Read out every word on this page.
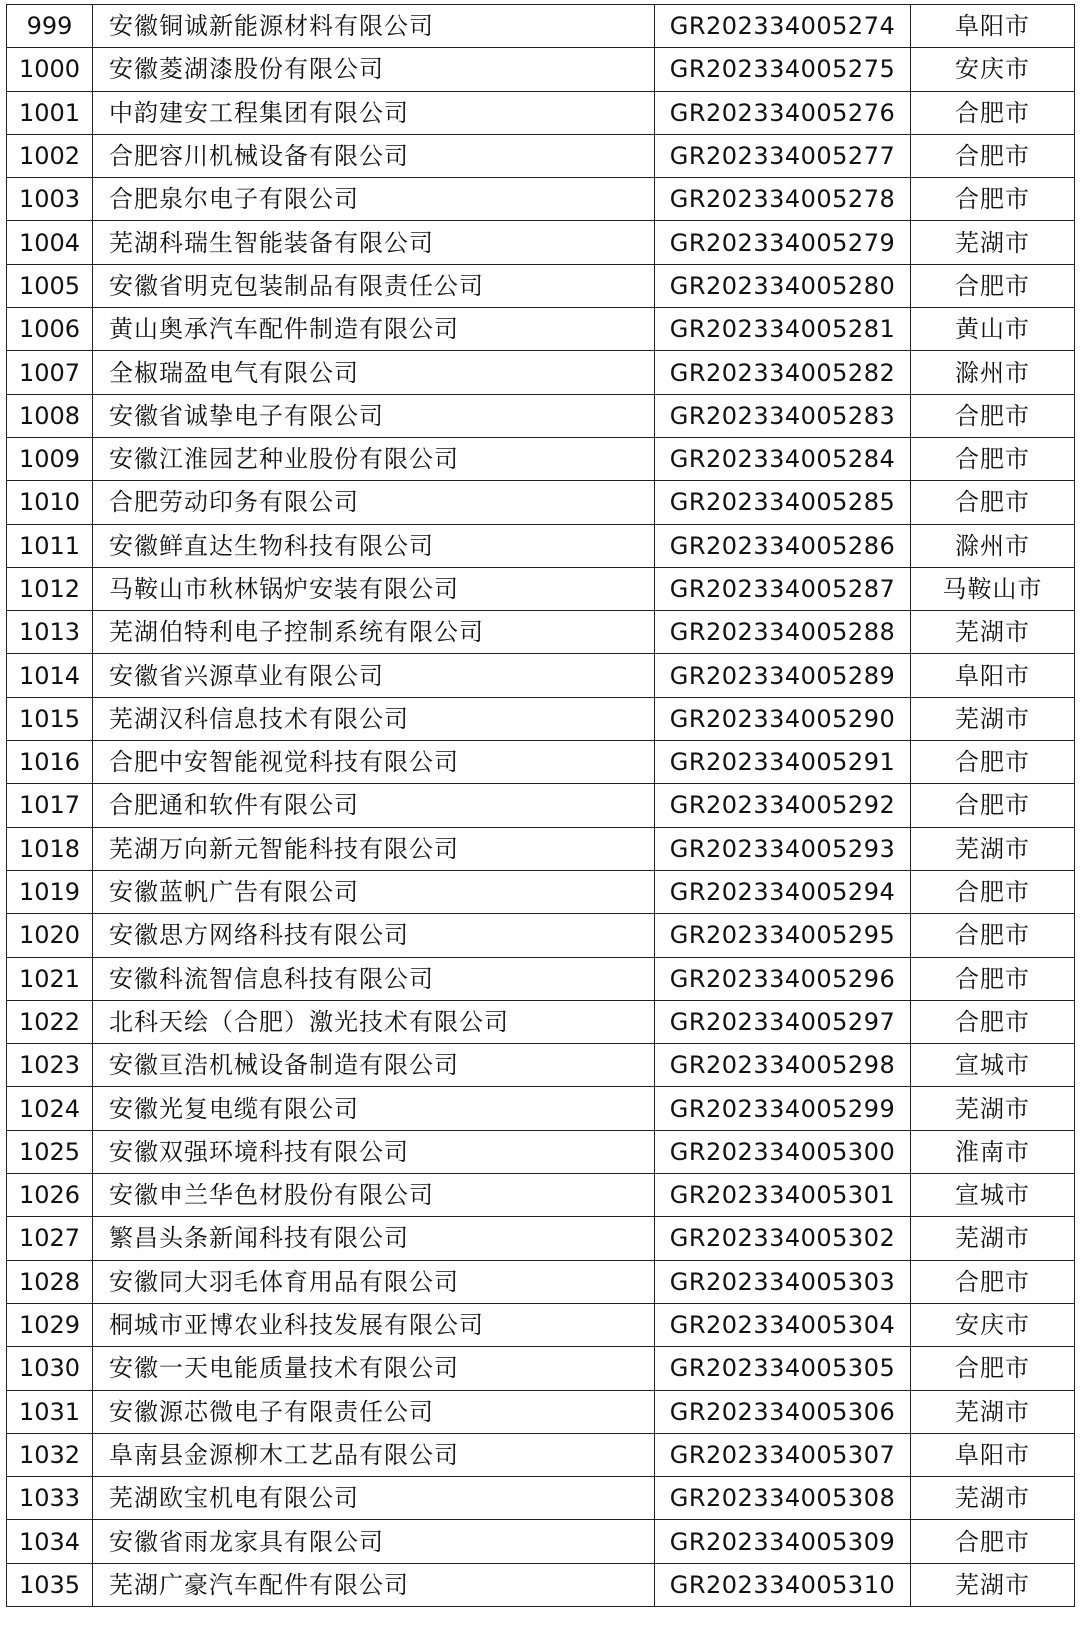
999	安徽铜诚新能源材料有限公司	GR202334005274	阜阳市
1000	安徽菱湖漆股份有限公司	GR202334005275	安庆市
1001	中韵建安工程集团有限公司	GR202334005276	合肥市
1002	合肥容川机械设备有限公司	GR202334005277	合肥市
1003	合肥泉尔电子有限公司	GR202334005278	合肥市
1004	芜湖科瑞生智能装备有限公司	GR202334005279	芜湖市
1005	安徽省明克包装制品有限责任公司	GR202334005280	合肥市
1006	黄山奥承汽车配件制造有限公司	GR202334005281	黄山市
1007	全椒瑞盈电气有限公司	GR202334005282	滁州市
1008	安徽省诚挚电子有限公司	GR202334005283	合肥市
1009	安徽江淮园艺种业股份有限公司	GR202334005284	合肥市
1010	合肥劳动印务有限公司	GR202334005285	合肥市
1011	安徽鲜直达生物科技有限公司	GR202334005286	滁州市
1012	马鞍山市秋林锅炉安装有限公司	GR202334005287	马鞍山市
1013	芜湖伯特利电子控制系统有限公司	GR202334005288	芜湖市
1014	安徽省兴源草业有限公司	GR202334005289	阜阳市
1015	芜湖汉科信息技术有限公司	GR202334005290	芜湖市
1016	合肥中安智能视觉科技有限公司	GR202334005291	合肥市
1017	合肥通和软件有限公司	GR202334005292	合肥市
1018	芜湖万向新元智能科技有限公司	GR202334005293	芜湖市
1019	安徽蓝帆广告有限公司	GR202334005294	合肥市
1020	安徽思方网络科技有限公司	GR202334005295	合肥市
1021	安徽科流智信息科技有限公司	GR202334005296	合肥市
1022	北科天绘（合肥）激光技术有限公司	GR202334005297	合肥市
1023	安徽亘浩机械设备制造有限公司	GR202334005298	宣城市
1024	安徽光复电缆有限公司	GR202334005299	芜湖市
1025	安徽双强环境科技有限公司	GR202334005300	淮南市
1026	安徽申兰华色材股份有限公司	GR202334005301	宣城市
1027	繁昌头条新闻科技有限公司	GR202334005302	芜湖市
1028	安徽同大羽毛体育用品有限公司	GR202334005303	合肥市
1029	桐城市亚博农业科技发展有限公司	GR202334005304	安庆市
1030	安徽一天电能质量技术有限公司	GR202334005305	合肥市
1031	安徽源芯微电子有限责任公司	GR202334005306	芜湖市
1032	阜南县金源柳木工艺品有限公司	GR202334005307	阜阳市
1033	芜湖欧宝机电有限公司	GR202334005308	芜湖市
1034	安徽省雨龙家具有限公司	GR202334005309	合肥市
1035	芜湖广豪汽车配件有限公司	GR202334005310	芜湖市
